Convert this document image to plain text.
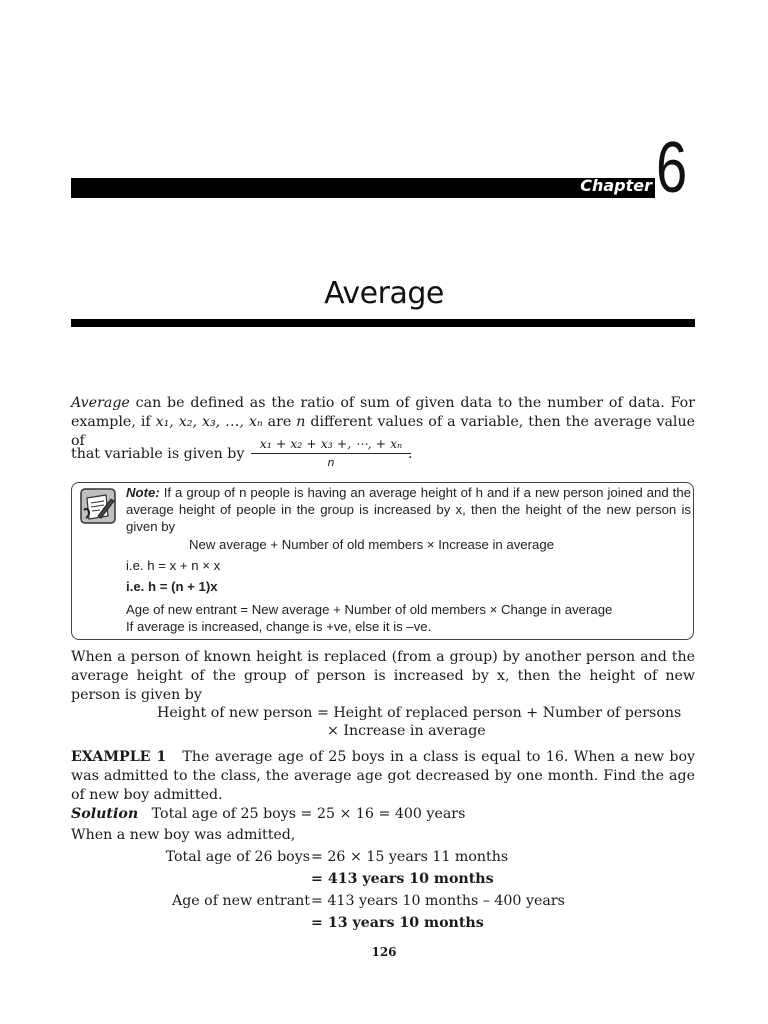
Chapter 6
Average
Average can be defined as the ratio of sum of given data to the number of data. For example, if x₁, x₂, x₃, …, xₙ are n different values of a variable, then the average value of
that variable is given by
x₁ + x₂ + x₃ +, ⋯, + xₙ
n
.
Note: If a group of n people is having an average height of h and if a new person joined and the average height of people in the group is increased by x, then the height of the new person is given by
New average + Number of old members × Increase in average
i.e. h = x + n × x
i.e. h = (n + 1)x
Age of new entrant = New average + Number of old members × Change in average
If average is increased, change is +ve, else it is –ve.
When a person of known height is replaced (from a group) by another person and the average height of the group of person is increased by x, then the height of new person is given by
Height of new person = Height of replaced person + Number of persons
× Increase in average
EXAMPLE 1 The average age of 25 boys in a class is equal to 16. When a new boy was admitted to the class, the average age got decreased by one month. Find the age of new boy admitted.
Solution Total age of 25 boys = 25 × 16 = 400 years
When a new boy was admitted,
Total age of 26 boys = 26 × 15 years 11 months
= 413 years 10 months
Age of new entrant = 413 years 10 months – 400 years
= 13 years 10 months
126
